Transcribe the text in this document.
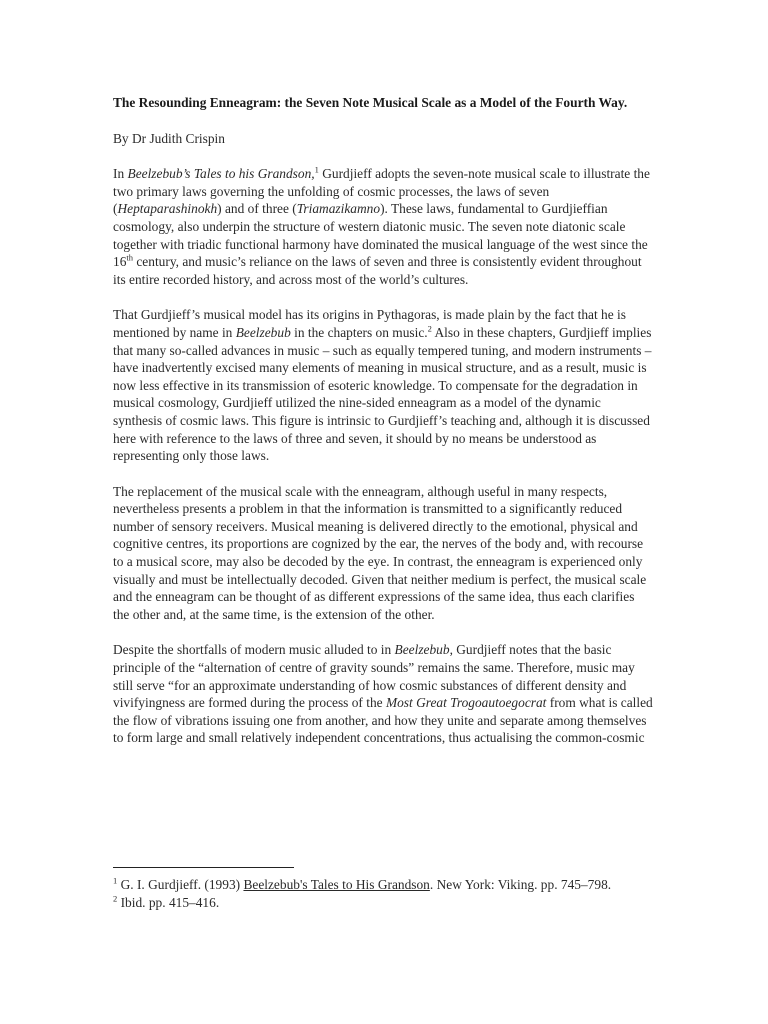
The Resounding Enneagram: the Seven Note Musical Scale as a Model of the Fourth Way.

By Dr Judith Crispin

In Beelzebub’s Tales to his Grandson,$^1$ Gurdjieff adopts the seven-note musical scale to illustrate the two primary laws governing the unfolding of cosmic processes, the laws of seven (Heptaparashinokh) and of three (Triamazikamno). These laws, fundamental to Gurdjieffian cosmology, also underpin the structure of western diatonic music. The seven note diatonic scale together with triadic functional harmony have dominated the musical language of the west since the 16th century, and music’s reliance on the laws of seven and three is consistently evident throughout its entire recorded history, and across most of the world’s cultures.

That Gurdjieff’s musical model has its origins in Pythagoras, is made plain by the fact that he is mentioned by name in Beelzebub in the chapters on music.$^2$ Also in these chapters, Gurdjieff implies that many so-called advances in music – such as equally tempered tuning, and modern instruments – have inadvertently excised many elements of meaning in musical structure, and as a result, music is now less effective in its transmission of esoteric knowledge. To compensate for the degradation in musical cosmology, Gurdjieff utilized the nine-sided enneagram as a model of the dynamic synthesis of cosmic laws. This figure is intrinsic to Gurdjieff’s teaching and, although it is discussed here with reference to the laws of three and seven, it should by no means be understood as representing only those laws.

The replacement of the musical scale with the enneagram, although useful in many respects, nevertheless presents a problem in that the information is transmitted to a significantly reduced number of sensory receivers. Musical meaning is delivered directly to the emotional, physical and cognitive centres, its proportions are cognized by the ear, the nerves of the body and, with recourse to a musical score, may also be decoded by the eye. In contrast, the enneagram is experienced only visually and must be intellectually decoded. Given that neither medium is perfect, the musical scale and the enneagram can be thought of as different expressions of the same idea, thus each clarifies the other and, at the same time, is the extension of the other.

Despite the shortfalls of modern music alluded to in Beelzebub, Gurdjieff notes that the basic principle of the “alternation of centre of gravity sounds” remains the same. Therefore, music may still serve “for an approximate understanding of how cosmic substances of different density and vivifyingness are formed during the process of the Most Great Trogoautoegocrat from what is called the flow of vibrations issuing one from another, and how they unite and separate among themselves to form large and small relatively independent concentrations, thus actualising the common-cosmic

$^1$ G. I. Gurdjieff. (1993) Beelzebub's Tales to His Grandson. New York: Viking. pp. 745–798.

$^2$ Ibid. pp. 415–416.
